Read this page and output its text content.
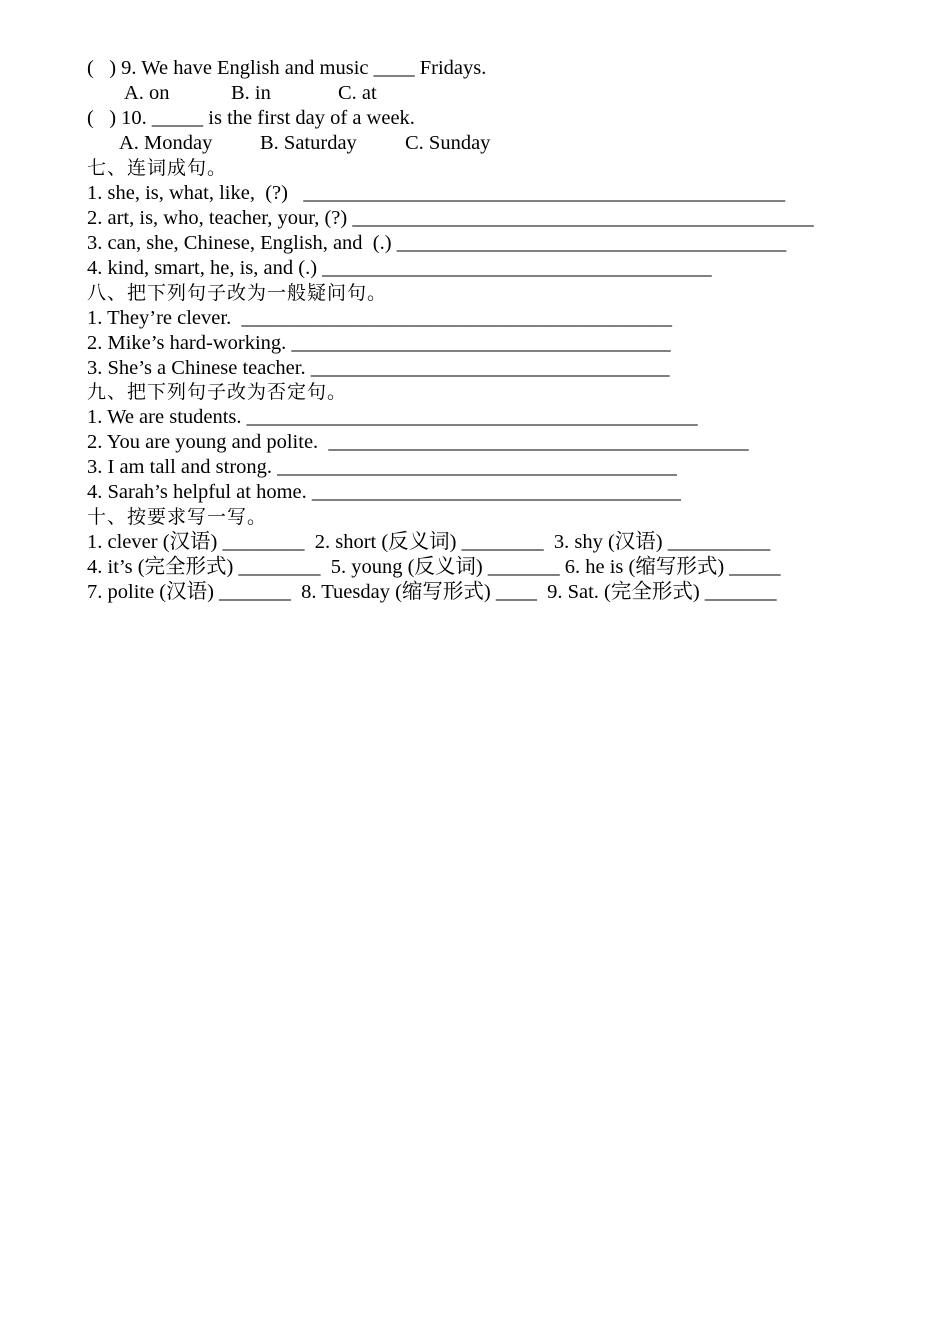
(   ) 9. We have English and music ____ Fridays.

A. on

	B. in

	C. at

(   ) 10. _____ is the first day of a week.

A. Monday

B. Saturday

C. Sunday

七、连词成句。
1. she, is, what, like,  (?)   _______________________________________________
2. art, is, who, teacher, your, (?) _____________________________________________
3. can, she, Chinese, English, and  (.) ______________________________________
4. kind, smart, he, is, and (.) ______________________________________
八、把下列句子改为一般疑问句。
1. They’re clever.  __________________________________________
2. Mike’s hard-working. _____________________________________
3. She’s a Chinese teacher. ___________________________________
九、把下列句子改为否定句。
1. We are students. ____________________________________________
2. You are young and polite.  _________________________________________
3. I am tall and strong. _______________________________________
4. Sarah’s helpful at home. ____________________________________
十、按要求写一写。
1. clever (汉语) ________  2. short (反义词) ________  3. shy (汉语) __________
4. it’s (完全形式) ________  5. young (反义词) _______ 6. he is (缩写形式) _____
7. polite (汉语) _______  8. Tuesday (缩写形式) ____  9. Sat. (完全形式) _______
